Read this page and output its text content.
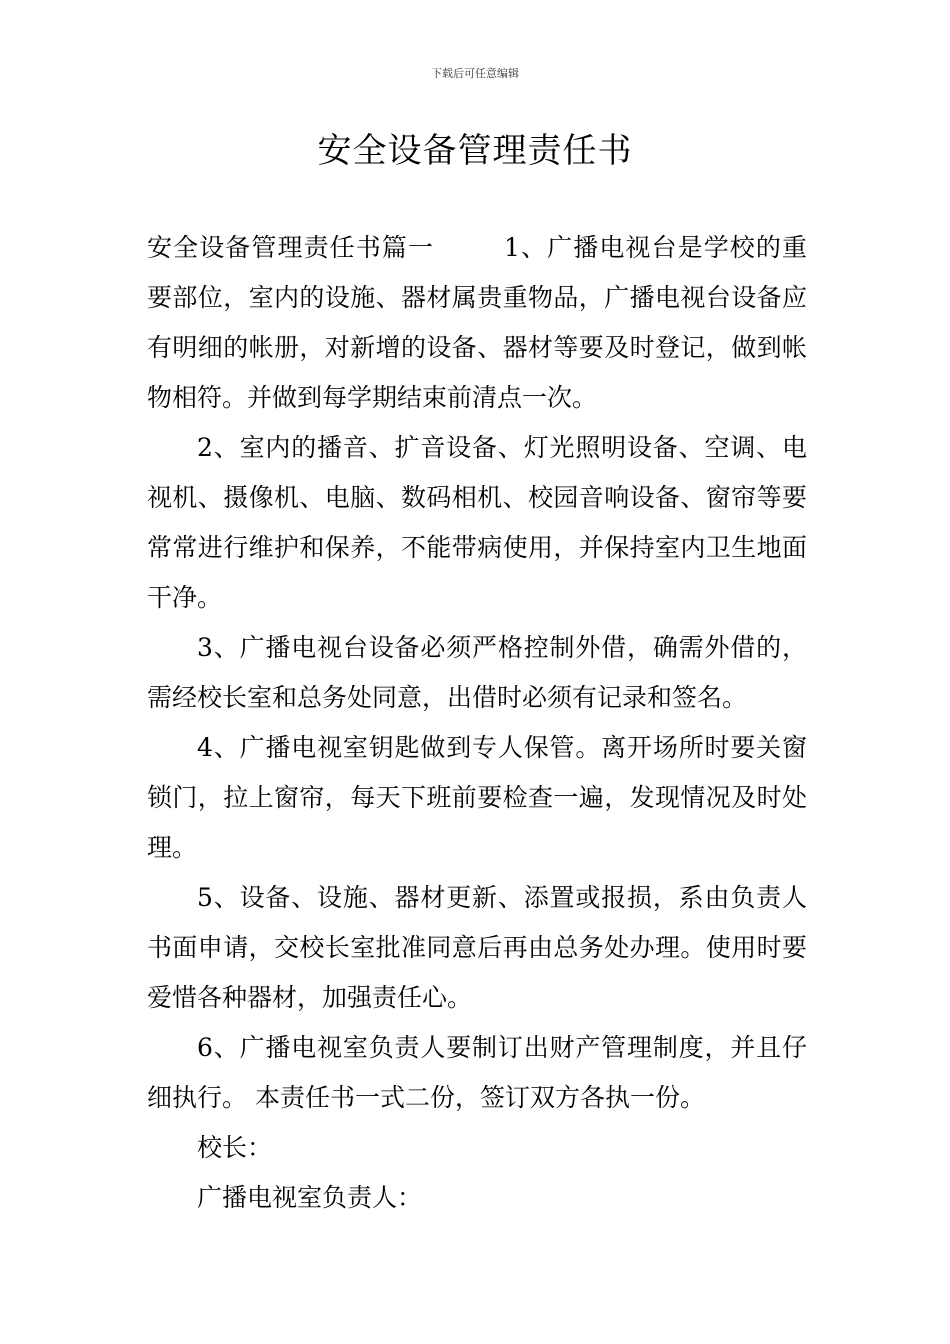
下载后可任意编辑
安全设备管理责任书

安全设备管理责任书篇一	1、广播电视台是学校的重要部位，室内的设施、器材属贵重物品，广播电视台设备应有明细的帐册，对新增的设备、器材等要及时登记，做到帐物相符。并做到每学期结束前清点一次。

2、室内的播音、扩音设备、灯光照明设备、空调、电视机、摄像机、电脑、数码相机、校园音响设备、窗帘等要常常进行维护和保养，不能带病使用，并保持室内卫生地面干净。

3、广播电视台设备必须严格控制外借，确需外借的，需经校长室和总务处同意，出借时必须有记录和签名。

4、广播电视室钥匙做到专人保管。离开场所时要关窗锁门，拉上窗帘，每天下班前要检查一遍，发现情况及时处理。

5、设备、设施、器材更新、添置或报损，系由负责人书面申请，交校长室批准同意后再由总务处办理。使用时要爱惜各种器材，加强责任心。

6、广播电视室负责人要制订出财产管理制度，并且仔细执行。 本责任书一式二份，签订双方各执一份。

校长：

广播电视室负责人：
